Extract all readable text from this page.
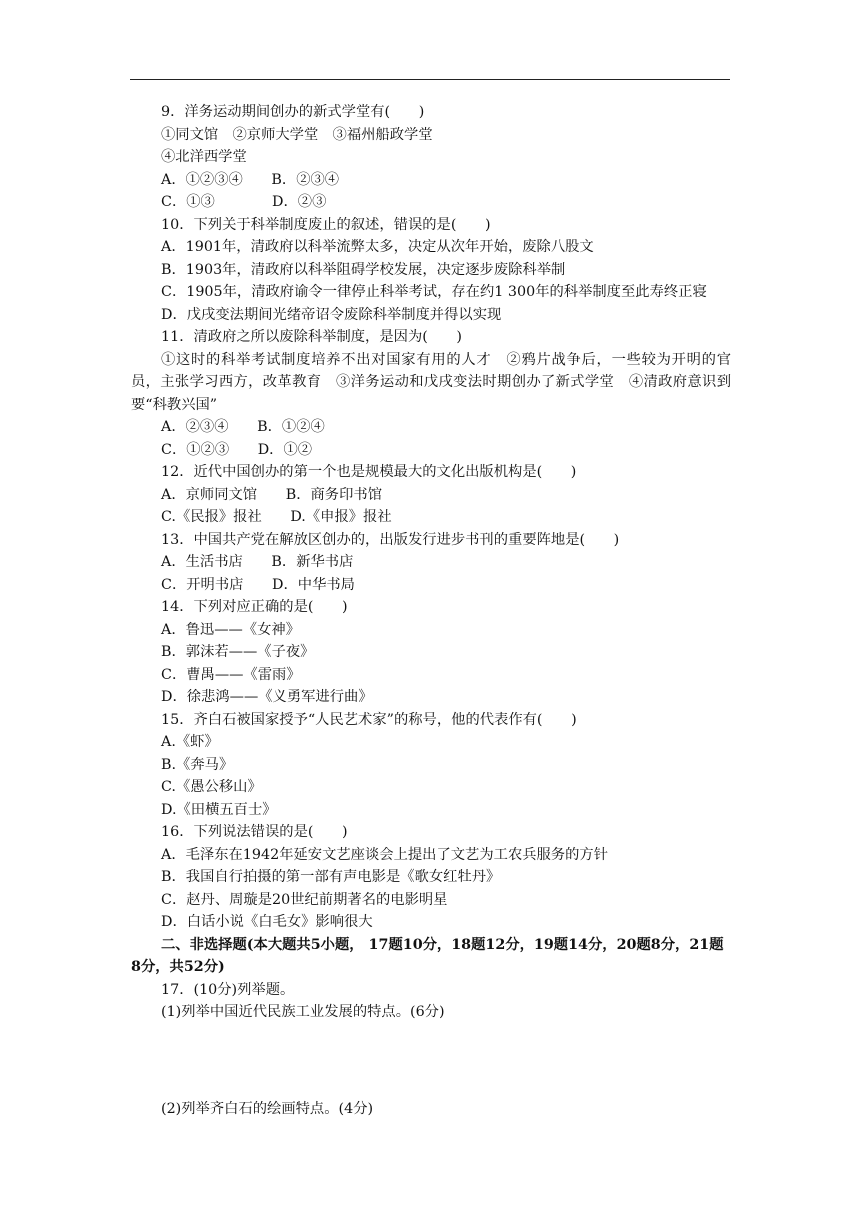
9．洋务运动期间创办的新式学堂有(　　)
①同文馆　②京师大学堂　③福州船政学堂
④北洋西学堂
A．①②③④　　B．②③④
C．①③　　　　D．②③
10．下列关于科举制度废止的叙述，错误的是(　　)
A．1901年，清政府以科举流弊太多，决定从次年开始，废除八股文
B．1903年，清政府以科举阻碍学校发展，决定逐步废除科举制
C．1905年，清政府谕令一律停止科举考试，存在约1 300年的科举制度至此寿终正寝
D．戊戌变法期间光绪帝诏令废除科举制度并得以实现
11．清政府之所以废除科举制度，是因为(　　)
①这时的科举考试制度培养不出对国家有用的人才　②鸦片战争后，一些较为开明的官员，主张学习西方，改革教育　③洋务运动和戊戌变法时期创办了新式学堂　④清政府意识到要“科教兴国”
A．②③④　　B．①②④
C．①②③　　D．①②
12．近代中国创办的第一个也是规模最大的文化出版机构是(　　)
A．京师同文馆　　B．商务印书馆
C.《民报》报社　　D.《申报》报社
13．中国共产党在解放区创办的，出版发行进步书刊的重要阵地是(　　)
A．生活书店　　B．新华书店
C．开明书店　　D．中华书局
14．下列对应正确的是(　　)
A．鲁迅——《女神》
B．郭沫若——《子夜》
C．曹禺——《雷雨》
D．徐悲鸿——《义勇军进行曲》
15．齐白石被国家授予“人民艺术家”的称号，他的代表作有(　　)
A.《虾》
B.《奔马》
C.《愚公移山》
D.《田横五百士》
16．下列说法错误的是(　　)
A．毛泽东在1942年延安文艺座谈会上提出了文艺为工农兵服务的方针
B．我国自行拍摄的第一部有声电影是《歌女红牡丹》
C．赵丹、周璇是20世纪前期著名的电影明星
D．白话小说《白毛女》影响很大
二、非选择题(本大题共5小题， 17题10分，18题12分，19题14分，20题8分，21题8分，共52分)
17．(10分)列举题。
(1)列举中国近代民族工业发展的特点。(6分)
(2)列举齐白石的绘画特点。(4分)
